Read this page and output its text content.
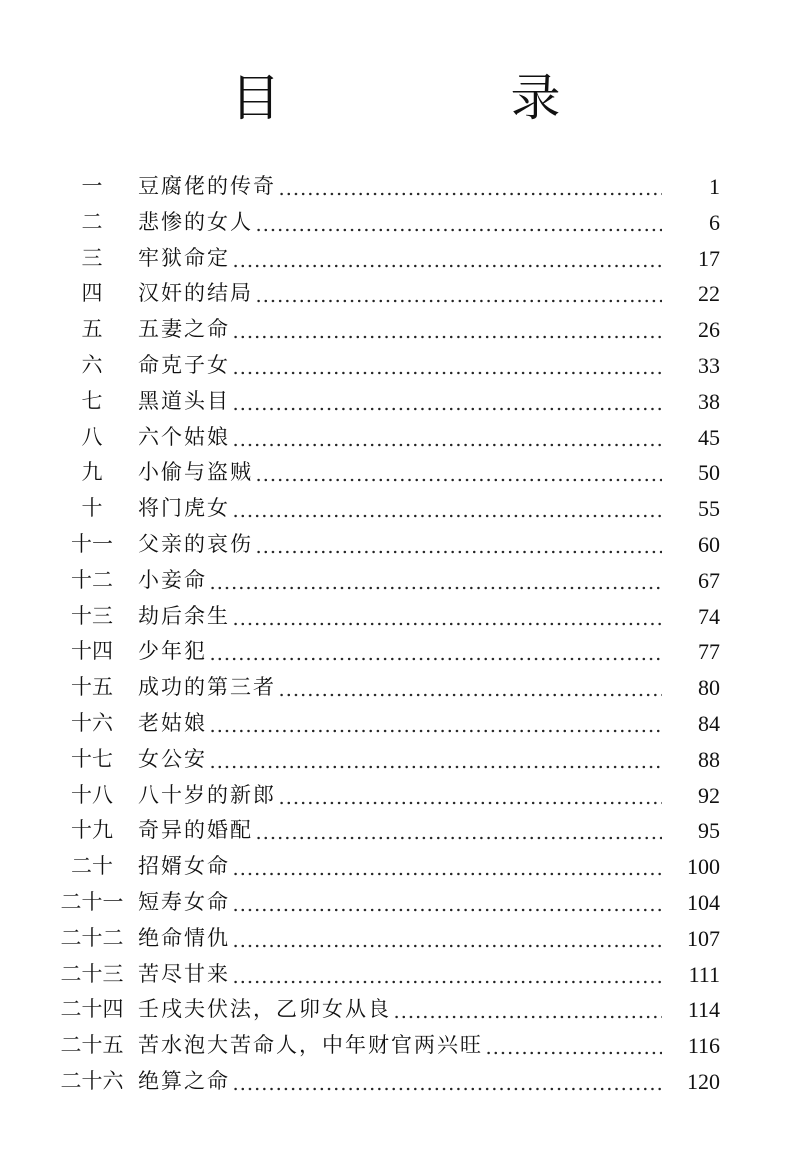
目　录
一	豆腐佬的传奇	1
二	悲惨的女人	6
三	牢狱命定	17
四	汉奸的结局	22
五	五妻之命	26
六	命克子女	33
七	黑道头目	38
八	六个姑娘	45
九	小偷与盗贼	50
十	将门虎女	55
十一	父亲的哀伤	60
十二	小妾命	67
十三	劫后余生	74
十四	少年犯	77
十五	成功的第三者	80
十六	老姑娘	84
十七	女公安	88
十八	八十岁的新郎	92
十九	奇异的婚配	95
二十	招婿女命	100
二十一 短寿女命	104
二十二 绝命情仇	107
二十三 苦尽甘来	111
二十四 壬戌夫伏法，乙卯女从良	114
二十五 苦水泡大苦命人，中年财官两兴旺	116
二十六 绝算之命	120
